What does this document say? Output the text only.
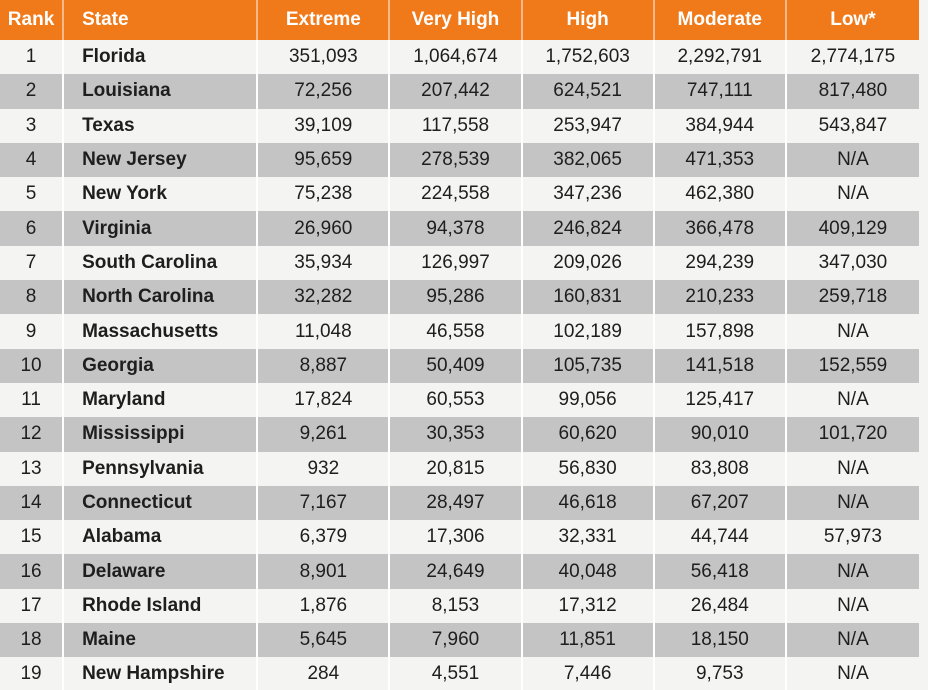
Rank	State	Extreme	Very High	High	Moderate	Low*
1	Florida	351,093	1,064,674	1,752,603	2,292,791	2,774,175
2	Louisiana	72,256	207,442	624,521	747,111	817,480
3	Texas	39,109	117,558	253,947	384,944	543,847
4	New Jersey	95,659	278,539	382,065	471,353	N/A
5	New York	75,238	224,558	347,236	462,380	N/A
6	Virginia	26,960	94,378	246,824	366,478	409,129
7	South Carolina	35,934	126,997	209,026	294,239	347,030
8	North Carolina	32,282	95,286	160,831	210,233	259,718
9	Massachusetts	11,048	46,558	102,189	157,898	N/A
10	Georgia	8,887	50,409	105,735	141,518	152,559
11	Maryland	17,824	60,553	99,056	125,417	N/A
12	Mississippi	9,261	30,353	60,620	90,010	101,720
13	Pennsylvania	932	20,815	56,830	83,808	N/A
14	Connecticut	7,167	28,497	46,618	67,207	N/A
15	Alabama	6,379	17,306	32,331	44,744	57,973
16	Delaware	8,901	24,649	40,048	56,418	N/A
17	Rhode Island	1,876	8,153	17,312	26,484	N/A
18	Maine	5,645	7,960	11,851	18,150	N/A
19	New Hampshire	284	4,551	7,446	9,753	N/A
